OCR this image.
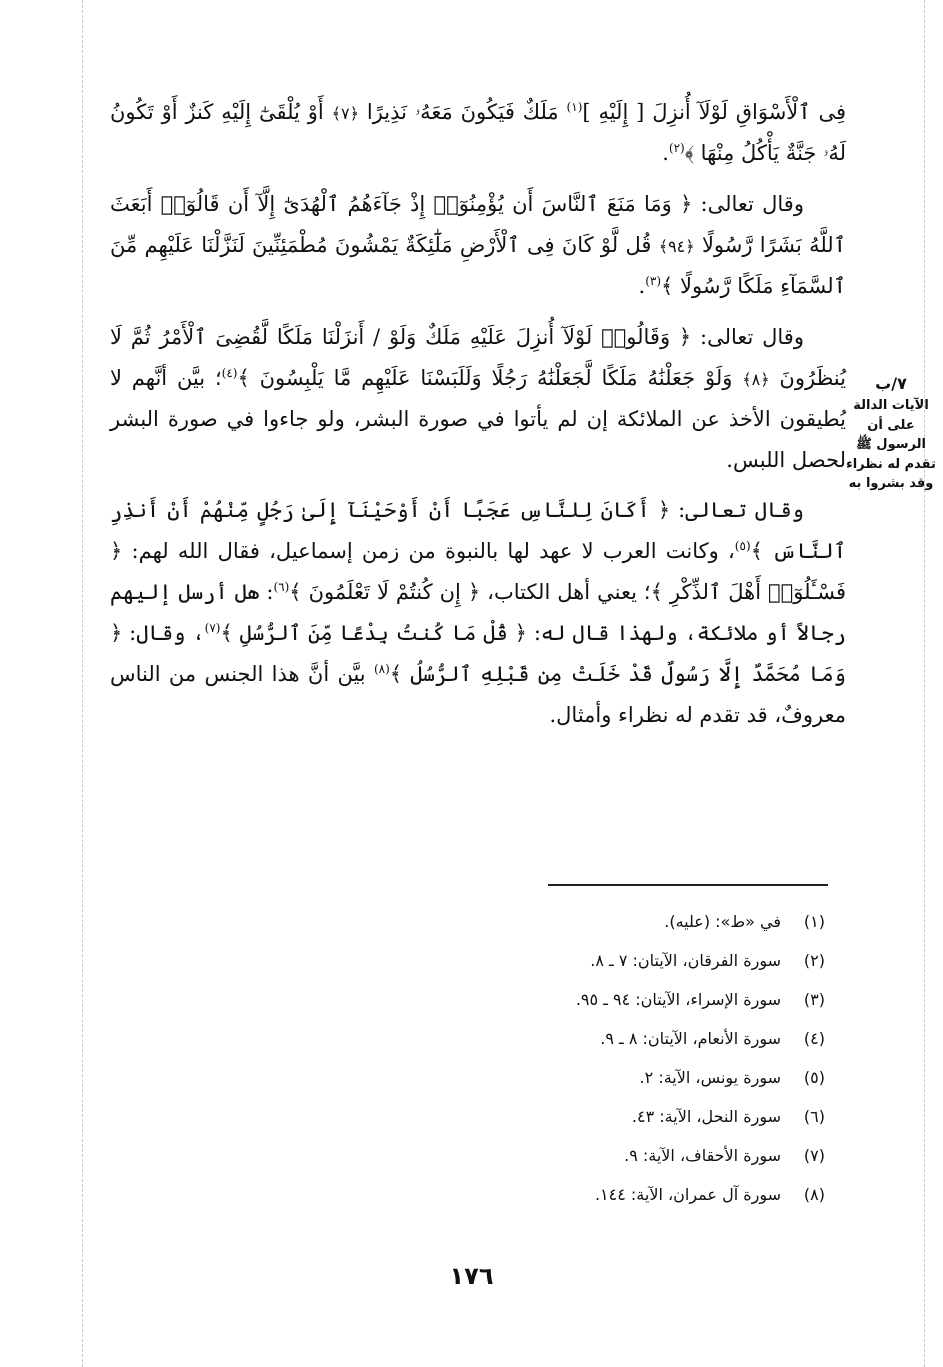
فِى ٱلْأَسْوَاقِ لَوْلَآ أُنزِلَ [ إِلَيْهِ ]$^{(١)}$ مَلَكٌ فَيَكُونَ مَعَهُۥ نَذِيرًا ﴿٧﴾ أَوْ يُلْقَىٰٓ إِلَيْهِ كَنزٌ أَوْ تَكُونُ لَهُۥ جَنَّةٌ يَأْكُلُ مِنْهَا ﴾$^{(٢)}$.

وقال تعالى: ﴿ وَمَا مَنَعَ ٱلنَّاسَ أَن يُؤْمِنُوٓا۟ إِذْ جَآءَهُمُ ٱلْهُدَىٰٓ إِلَّآ أَن قَالُوٓا۟ أَبَعَثَ ٱللَّهُ بَشَرًا رَّسُولًا ﴿٩٤﴾ قُل لَّوْ كَانَ فِى ٱلْأَرْضِ مَلَٰٓئِكَةٌ يَمْشُونَ مُطْمَئِنِّينَ لَنَزَّلْنَا عَلَيْهِم مِّنَ ٱلسَّمَآءِ مَلَكًا رَّسُولًا ﴾$^{(٣)}$.

وقال تعالى: ﴿ وَقَالُوا۟ لَوْلَآ أُنزِلَ عَلَيْهِ مَلَكٌ وَلَوْ / أَنزَلْنَا مَلَكًا لَّقُضِىَ ٱلْأَمْرُ ثُمَّ لَا يُنظَرُونَ ﴿٨﴾ وَلَوْ جَعَلْنَٰهُ مَلَكًا لَّجَعَلْنَٰهُ رَجُلًا وَلَلَبَسْنَا عَلَيْهِم مَّا يَلْبِسُونَ ﴾$^{(٤)}$؛ بيَّن أنَّهم لا يُطيقون الأخذ عن الملائكة إن لم يأتوا في صورة البشر، ولو جاءوا في صورة البشر لحصل اللبس.

وقال تعالى: ﴿ أَكَانَ لِلنَّاسِ عَجَبًا أَنْ أَوْحَيْنَآ إِلَىٰ رَجُلٍ مِّنْهُمْ أَنْ أَنذِرِ ٱلنَّاسَ ﴾$^{(٥)}$، وكانت العرب لا عهد لها بالنبوة من زمن إسماعيل، فقال الله لهم: ﴿ فَسْـَٔلُوٓا۟ أَهْلَ ٱلذِّكْرِ ﴾؛ يعني أهل الكتاب، ﴿ إِن كُنتُمْ لَا تَعْلَمُونَ ﴾$^{(٦)}$: هل أرسل إليهم رجالاً أو ملائكة، ولهذا قال له: ﴿ قُلْ مَا كُنتُ بِدْعًا مِّنَ ٱلرُّسُلِ ﴾$^{(٧)}$، وقال: ﴿ وَمَا مُحَمَّدٌ إِلَّا رَسُولٌ قَدْ خَلَتْ مِن قَبْلِهِ ٱلرُّسُلُ ﴾$^{(٨)}$ بيَّن أنَّ هذا الجنس من الناس معروفٌ، قد تقدم له نظراء وأمثال.

٧/ب
الآيات الدالة على أن الرسول ﷺ تقدم له نظراء وقد بشروا به
(١)
في «ط»: (عليه).
(٢)
سورة الفرقان، الآيتان: ٧ ـ ٨.
(٣)
سورة الإسراء، الآيتان: ٩٤ ـ ٩٥.
(٤)
سورة الأنعام، الآيتان: ٨ ـ ٩.
(٥)
سورة يونس، الآية: ٢.
(٦)
سورة النحل، الآية: ٤٣.
(٧)
سورة الأحقاف، الآية: ٩.
(٨)
سورة آل عمران، الآية: ١٤٤.
١٧٦
